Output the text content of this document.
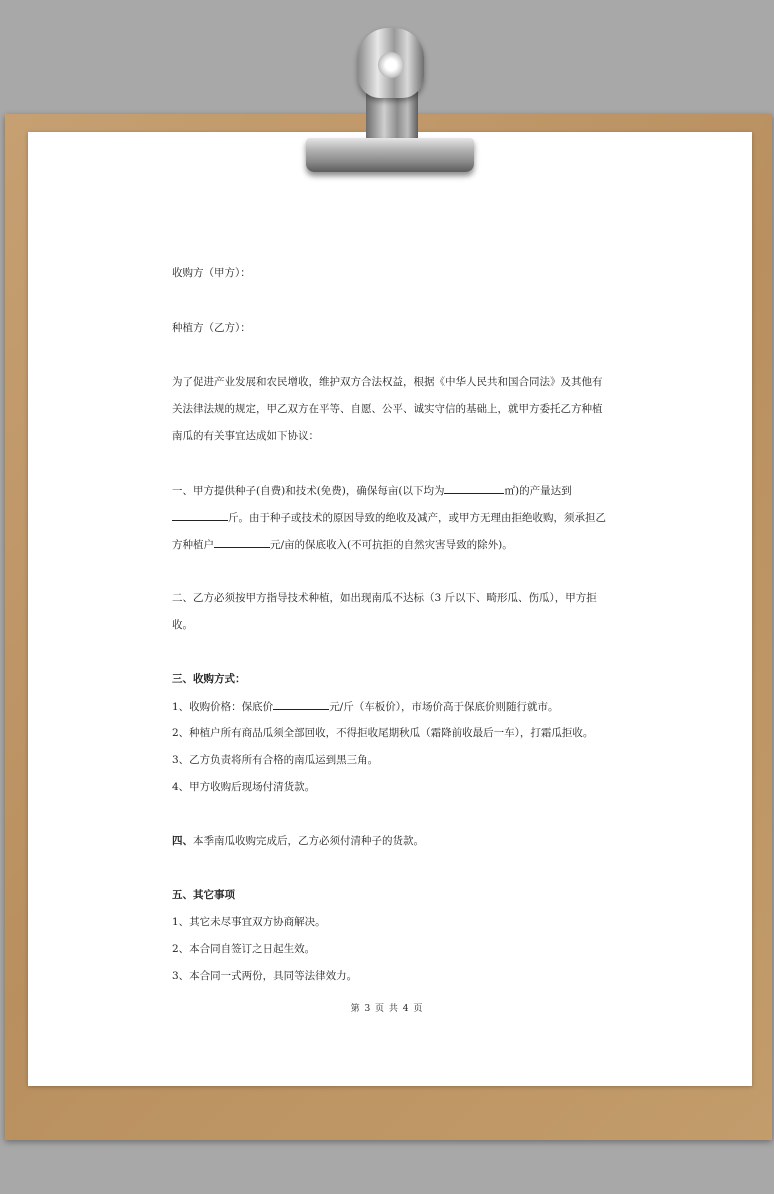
收购方（甲方）：
种植方（乙方）：
为了促进产业发展和农民增收，维护双方合法权益，根据《中华人民共和国合同法》及其他有
关法律法规的规定，甲乙双方在平等、自愿、公平、诚实守信的基础上，就甲方委托乙方种植
南瓜的有关事宜达成如下协议：
一、甲方提供种子(自费)和技术(免费)，确保每亩(以下均为	㎡)的产量达到
斤。由于种子或技术的原因导致的绝收及减产，或甲方无理由拒绝收购，须承担乙
方种植户	元/亩的保底收入(不可抗拒的自然灾害导致的除外)。
二、乙方必须按甲方指导技术种植，如出现南瓜不达标（3 斤以下、畸形瓜、伤瓜），甲方拒
收。
三、收购方式：
1、收购价格：保底价	元/斤（车板价），市场价高于保底价则随行就市。
2、种植户所有商品瓜须全部回收，不得拒收尾期秋瓜（霜降前收最后一车），打霜瓜拒收。
3、乙方负责将所有合格的南瓜运到黑三角。
4、甲方收购后现场付清货款。
四、本季南瓜收购完成后，乙方必须付清种子的货款。
五、其它事项
1、其它未尽事宜双方协商解决。
2、本合同自签订之日起生效。
3、本合同一式两份，具同等法律效力。
第 3 页 共 4 页
